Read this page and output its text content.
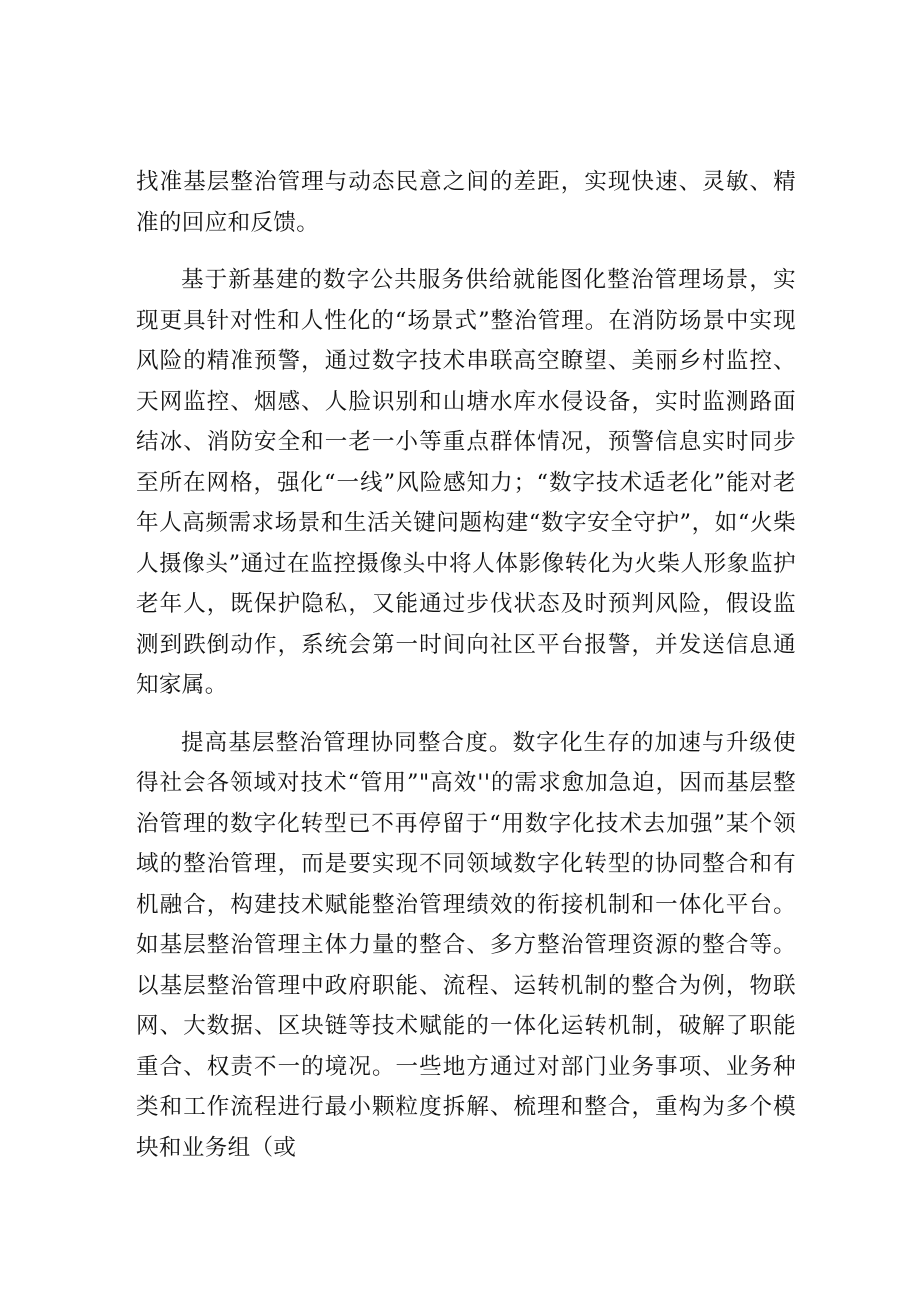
找准基层整治管理与动态民意之间的差距，实现快速、灵敏、精准的回应和反馈。

基于新基建的数字公共服务供给就能图化整治管理场景，实现更具针对性和人性化的“场景式”整治管理。在消防场景中实现风险的精准预警，通过数字技术串联高空瞭望、美丽乡村监控、天网监控、烟感、人脸识别和山塘水库水侵设备，实时监测路面结冰、消防安全和一老一小等重点群体情况，预警信息实时同步至所在网格，强化“一线”风险感知力；“数字技术适老化”能对老年人高频需求场景和生活关键问题构建“数字安全守护”，如“火柴人摄像头”通过在监控摄像头中将人体影像转化为火柴人形象监护老年人，既保护隐私，又能通过步伐状态及时预判风险，假设监测到跌倒动作，系统会第一时间向社区平台报警，并发送信息通知家属。

提高基层整治管理协同整合度。数字化生存的加速与升级使得社会各领域对技术“管用”"高效''的需求愈加急迫，因而基层整治管理的数字化转型已不再停留于“用数字化技术去加强”某个领域的整治管理，而是要实现不同领域数字化转型的协同整合和有机融合，构建技术赋能整治管理绩效的衔接机制和一体化平台。如基层整治管理主体力量的整合、多方整治管理资源的整合等。以基层整治管理中政府职能、流程、运转机制的整合为例，物联网、大数据、区块链等技术赋能的一体化运转机制，破解了职能重合、权责不一的境况。一些地方通过对部门业务事项、业务种类和工作流程进行最小颗粒度拆解、梳理和整合，重构为多个模块和业务组（或
